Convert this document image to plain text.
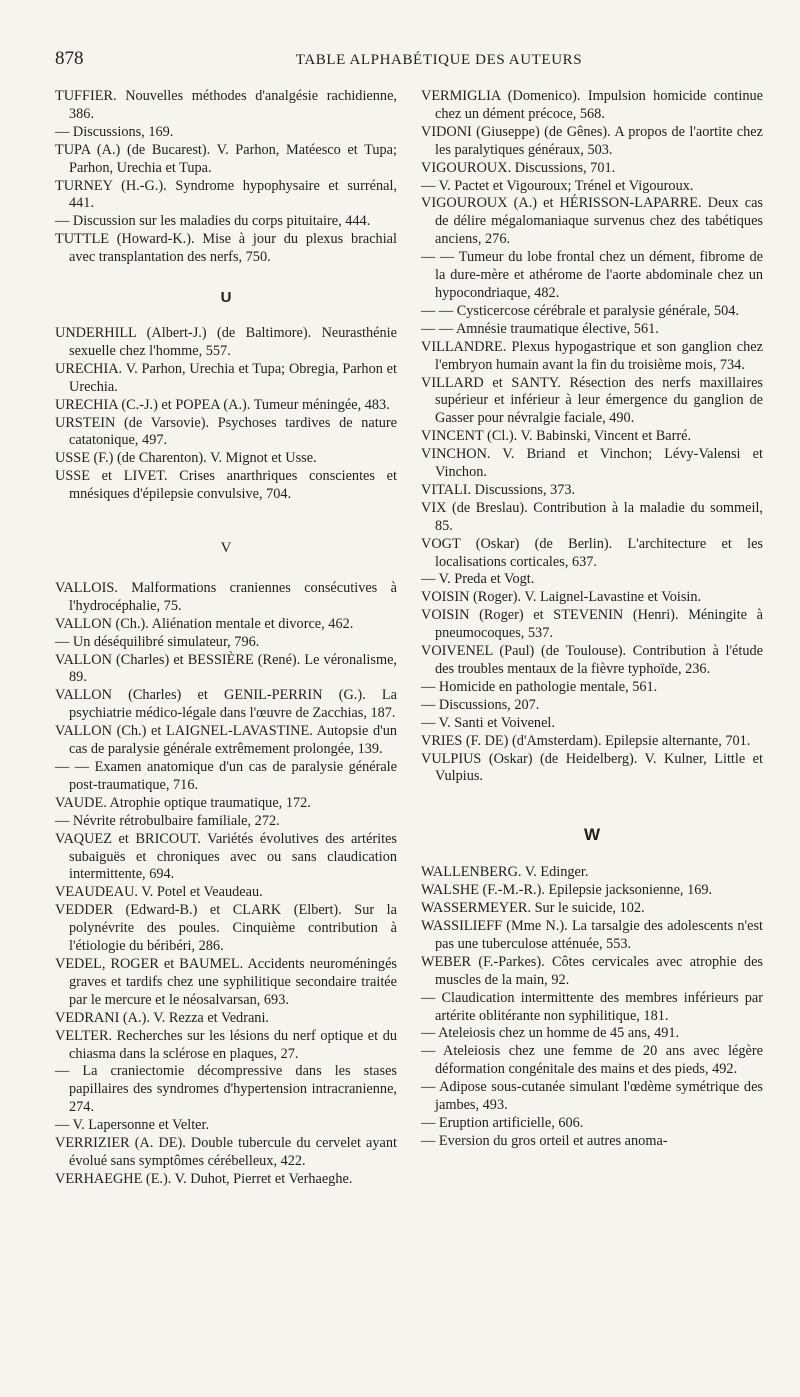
878	TABLE ALPHABÉTIQUE DES AUTEURS

TUFFIER. Nouvelles méthodes d'analgésie rachidienne, 386.

— Discussions, 169.

TUPA (A.) (de Bucarest). V. Parhon, Matéesco et Tupa; Parhon, Urechia et Tupa.

TURNEY (H.-G.). Syndrome hypophysaire et surrénal, 441.

— Discussion sur les maladies du corps pituitaire, 444.

TUTTLE (Howard-K.). Mise à jour du plexus brachial avec transplantation des nerfs, 750.

U

UNDERHILL (Albert-J.) (de Baltimore). Neurasthénie sexuelle chez l'homme, 557.

URECHIA. V. Parhon, Urechia et Tupa; Obregia, Parhon et Urechia.

URECHIA (C.-J.) et POPEA (A.). Tumeur méningée, 483.

URSTEIN (de Varsovie). Psychoses tardives de nature catatonique, 497.

USSE (F.) (de Charenton). V. Mignot et Usse.

USSE et LIVET. Crises anarthriques conscientes et mnésiques d'épilepsie convulsive, 704.

V

VALLOIS. Malformations craniennes consécutives à l'hydrocéphalie, 75.

VALLON (Ch.). Aliénation mentale et divorce, 462.

— Un déséquilibré simulateur, 796.

VALLON (Charles) et BESSIÈRE (René). Le véronalisme, 89.

VALLON (Charles) et GENIL-PERRIN (G.). La psychiatrie médico-légale dans l'œuvre de Zacchias, 187.

VALLON (Ch.) et LAIGNEL-LAVASTINE. Autopsie d'un cas de paralysie générale extrêmement prolongée, 139.

— — Examen anatomique d'un cas de paralysie générale post-traumatique, 716.

VAUDE. Atrophie optique traumatique, 172.

— Névrite rétrobulbaire familiale, 272.

VAQUEZ et BRICOUT. Variétés évolutives des artérites subaiguës et chroniques avec ou sans claudication intermittente, 694.

VEAUDEAU. V. Potel et Veaudeau.

VEDDER (Edward-B.) et CLARK (Elbert). Sur la polynévrite des poules. Cinquième contribution à l'étiologie du béribéri, 286.

VEDEL, ROGER et BAUMEL. Accidents neuroméningés graves et tardifs chez une syphilitique secondaire traitée par le mercure et le néosalvarsan, 693.

VEDRANI (A.). V. Rezza et Vedrani.

VELTER. Recherches sur les lésions du nerf optique et du chiasma dans la sclérose en plaques, 27.

— La craniectomie décompressive dans les stases papillaires des syndromes d'hypertension intracranienne, 274.

— V. Lapersonne et Velter.

VERRIZIER (A. DE). Double tubercule du cervelet ayant évolué sans symptômes cérébelleux, 422.

VERHAEGHE (E.). V. Duhot, Pierret et Verhaeghe.

VERMIGLIA (Domenico). Impulsion homicide continue chez un dément précoce, 568.

VIDONI (Giuseppe) (de Gênes). A propos de l'aortite chez les paralytiques généraux, 503.

VIGOUROUX. Discussions, 701.

— V. Pactet et Vigouroux; Trénel et Vigouroux.

VIGOUROUX (A.) et HÉRISSON-LAPARRE. Deux cas de délire mégalomaniaque survenus chez des tabétiques anciens, 276.

— — Tumeur du lobe frontal chez un dément, fibrome de la dure-mère et athérome de l'aorte abdominale chez un hypocondriaque, 482.

— — Cysticercose cérébrale et paralysie générale, 504.

— — Amnésie traumatique élective, 561.

VILLANDRE. Plexus hypogastrique et son ganglion chez l'embryon humain avant la fin du troisième mois, 734.

VILLARD et SANTY. Résection des nerfs maxillaires supérieur et inférieur à leur émergence du ganglion de Gasser pour névralgie faciale, 490.

VINCENT (Cl.). V. Babinski, Vincent et Barré.

VINCHON. V. Briand et Vinchon; Lévy-Valensi et Vinchon.

VITALI. Discussions, 373.

VIX (de Breslau). Contribution à la maladie du sommeil, 85.

VOGT (Oskar) (de Berlin). L'architecture et les localisations corticales, 637.

— V. Preda et Vogt.

VOISIN (Roger). V. Laignel-Lavastine et Voisin.

VOISIN (Roger) et STEVENIN (Henri). Méningite à pneumocoques, 537.

VOIVENEL (Paul) (de Toulouse). Contribution à l'étude des troubles mentaux de la fièvre typhoïde, 236.

— Homicide en pathologie mentale, 561.

— Discussions, 207.

— V. Santi et Voivenel.

VRIES (F. DE) (d'Amsterdam). Epilepsie alternante, 701.

VULPIUS (Oskar) (de Heidelberg). V. Kulner, Little et Vulpius.

W

WALLENBERG. V. Edinger.

WALSHE (F.-M.-R.). Epilepsie jacksonienne, 169.

WASSERMEYER. Sur le suicide, 102.

WASSILIEFF (Mme N.). La tarsalgie des adolescents n'est pas une tuberculose atténuée, 553.

WEBER (F.-Parkes). Côtes cervicales avec atrophie des muscles de la main, 92.

— Claudication intermittente des membres inférieurs par artérite oblitérante non syphilitique, 181.

— Ateleiosis chez un homme de 45 ans, 491.

— Ateleiosis chez une femme de 20 ans avec légère déformation congénitale des mains et des pieds, 492.

— Adipose sous-cutanée simulant l'œdème symétrique des jambes, 493.

— Eruption artificielle, 606.

— Eversion du gros orteil et autres anoma-
